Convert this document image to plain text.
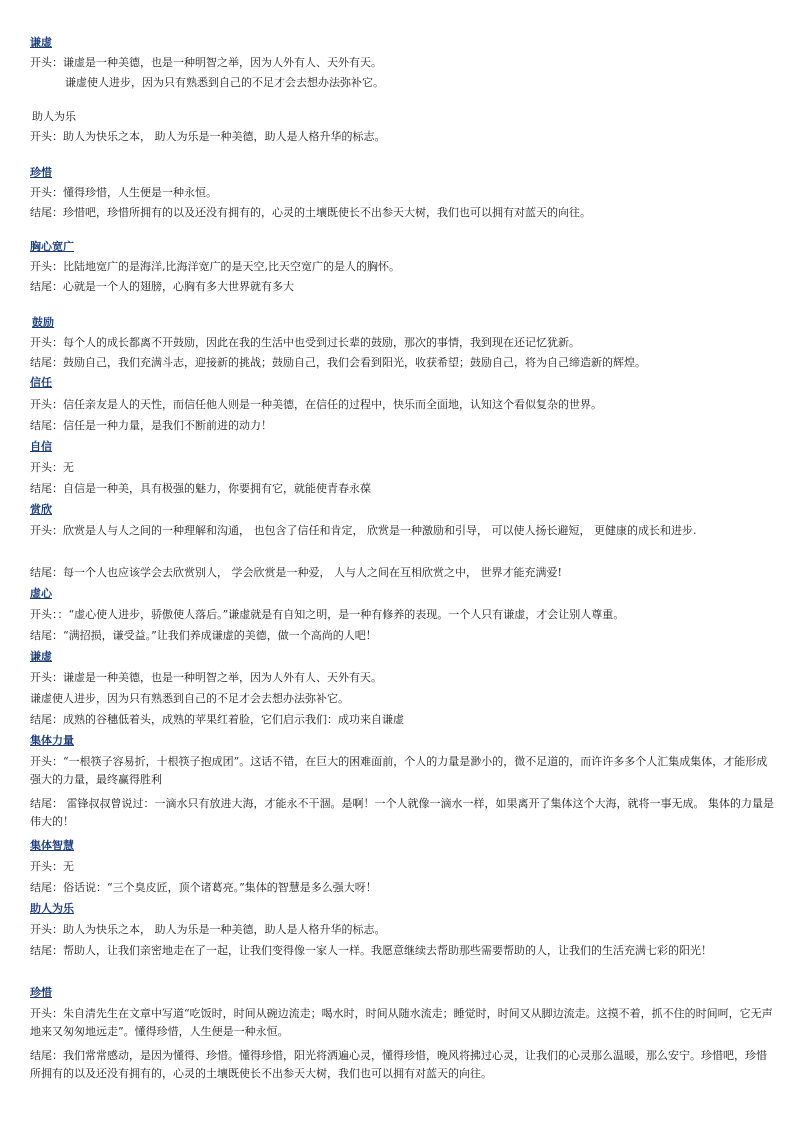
谦虚
开头：谦虚是一种美德，也是一种明智之举，因为人外有人、天外有天。
谦虚使人进步，因为只有熟悉到自己的不足才会去想办法弥补它。
助人为乐
开头：助人为快乐之本， 助人为乐是一种美德，助人是人格升华的标志。
珍惜
开头：懂得珍惜，人生便是一种永恒。
结尾：珍惜吧，珍惜所拥有的以及还没有拥有的，心灵的土壤既使长不出参天大树，我们也可以拥有对蓝天的向往。
胸心宽广
开头：比陆地宽广的是海洋,比海洋宽广的是天空,比天空宽广的是人的胸怀。
结尾：心就是一个人的翅膀，心胸有多大世界就有多大
鼓励
开头：每个人的成长都离不开鼓励，因此在我的生活中也受到过长辈的鼓励，那次的事情，我到现在还记忆犹新。
结尾：鼓励自己，我们充满斗志，迎接新的挑战；鼓励自己，我们会看到阳光，收获希望；鼓励自己，将为自己缔造新的辉煌。
信任
开头：信任亲友是人的天性，而信任他人则是一种美德，在信任的过程中，快乐而全面地，认知这个看似复杂的世界。
结尾：信任是一种力量，是我们不断前进的动力！
自信
开头：无
结尾：自信是一种美，具有极强的魅力，你要拥有它，就能使青春永葆
赏欣
开头：欣赏是人与人之间的一种理解和沟通， 也包含了信任和肯定， 欣赏是一种激励和引导， 可以使人扬长避短， 更健康的成长和进步.
结尾：每一个人也应该学会去欣赏别人， 学会欣赏是一种爱， 人与人之间在互相欣赏之中， 世界才能充满爱!
虚心
开头：：“虚心使人进步，骄傲使人落后。”谦虚就是有自知之明，是一种有修养的表现。一个人只有谦虚，才会让别人尊重。
结尾：“满招损，谦受益。”让我们养成谦虚的美德，做一个高尚的人吧！
谦虚
开头：谦虚是一种美德，也是一种明智之举，因为人外有人、天外有天。
谦虚使人进步，因为只有熟悉到自己的不足才会去想办法弥补它。
结尾：成熟的谷穗低着头，成熟的苹果红着脸，它们启示我们：成功来自谦虚
集体力量
开头：“一根筷子容易折，十根筷子抱成团”。这话不错，在巨大的困难面前，个人的力量是渺小的，微不足道的，而许许多多个人汇集成集体，才能形成强大的力量，最终赢得胜利
结尾： 雷锋叔叔曾说过：一滴水只有放进大海，才能永不干涸。是啊！一个人就像一滴水一样，如果离开了集体这个大海，就将一事无成。 集体的力量是伟大的！
集体智慧
开头：无
结尾：俗话说：“三个臭皮匠，顶个诸葛亮。”集体的智慧是多么强大呀！
助人为乐
开头：助人为快乐之本， 助人为乐是一种美德，助人是人格升华的标志。
结尾：帮助人，让我们亲密地走在了一起，让我们变得像一家人一样。我愿意继续去帮助那些需要帮助的人，让我们的生活充满七彩的阳光！
珍惜
开头：朱自清先生在文章中写道“吃饭时，时间从碗边流走；喝水时，时间从随水流走；睡觉时，时间又从脚边流走。这摸不着，抓不住的时间呵，它无声地来又匆匆地远走”。懂得珍惜，人生便是一种永恒。
结尾：我们常常感动，是因为懂得、珍惜。懂得珍惜，阳光将洒遍心灵，懂得珍惜，晚风将拂过心灵，让我们的心灵那么温暖，那么安宁。珍惜吧，珍惜所拥有的以及还没有拥有的，心灵的土壤既使长不出参天大树，我们也可以拥有对蓝天的向往。
